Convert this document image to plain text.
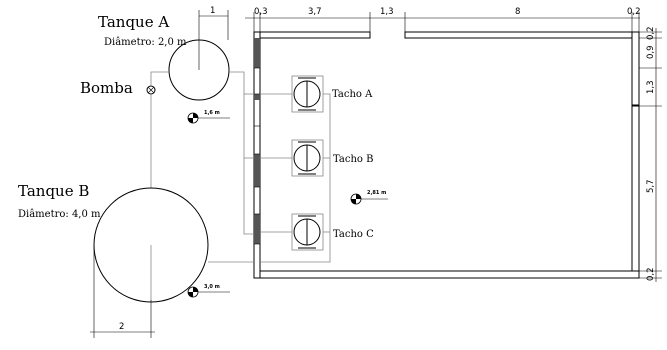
0,3	3,7	1,3	8	0,2
0,2
0,9
1,3
5,7
0,2
Tanque A
Diâmetro: 2,0 m
1
Bomba	Tacho A
Tacho B
Tacho C
Tanque B
Diâmetro: 4,0 m
2
1,6 m
2,81 m
3,0 m
